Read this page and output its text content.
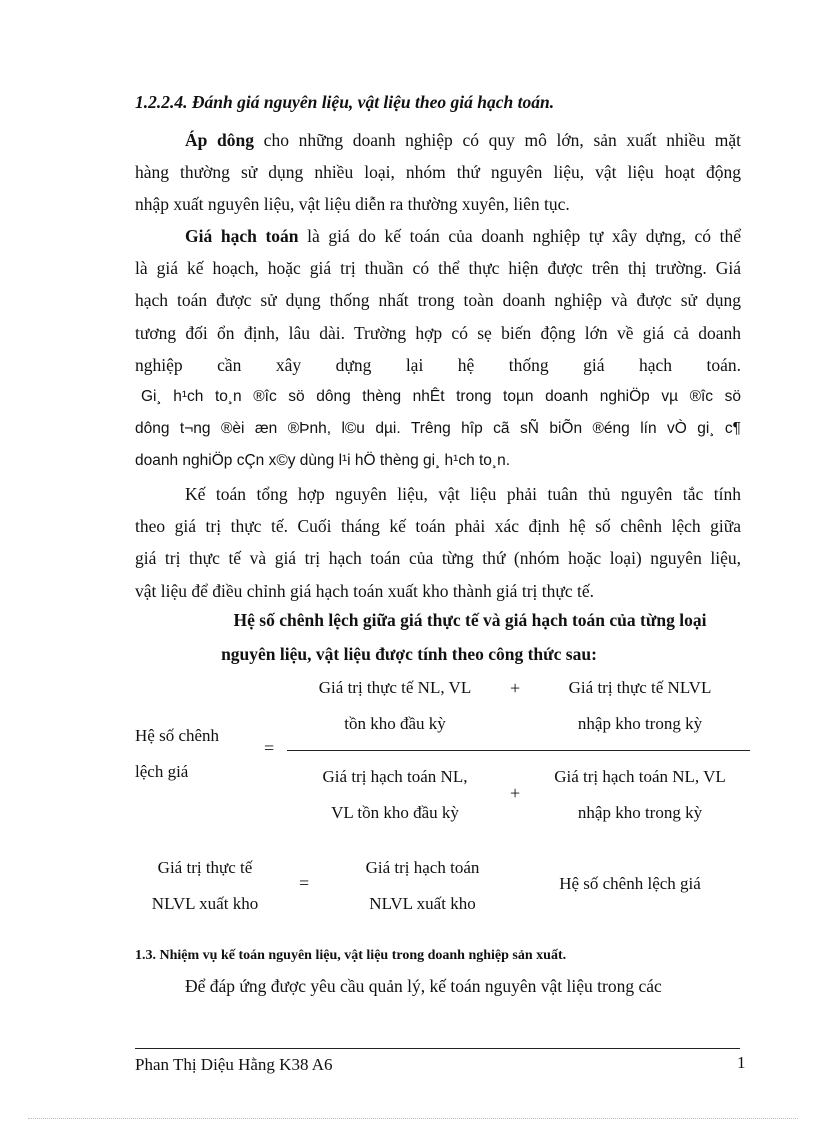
1.2.2.4. Đánh giá nguyên liệu, vật liệu theo giá hạch toán.
Áp dông cho những doanh nghiệp có quy mô lớn, sản xuất nhiều mặt
hàng thường sử dụng nhiều loại, nhóm thứ nguyên liệu, vật liệu hoạt động
nhập xuất nguyên liệu, vật liệu diễn ra thường xuyên, liên tục.
Giá hạch toán là giá do kế toán của doanh nghiệp tự xây dựng, có thể
là giá kế hoạch, hoặc giá trị thuần có thể thực hiện được trên thị trường. Giá
hạch toán được sử dụng thống nhất trong toàn doanh nghiệp và được sử dụng
tương đối ổn định, lâu dài. Trường hợp có sẹ biến động lớn về giá cả doanh
nghiệp cần xây dựng lại hệ thống giá hạch toán.
Gi¸ h¹ch to¸n ®îc sö dông thèng nhÊt trong toµn doanh nghiÖp vµ ®îc sö
dông t¬ng ®èi æn ®Þnh, l©u dµi. Trêng hîp cã sÑ biÕn ®éng lín vÒ gi¸ c¶
doanh nghiÖp cÇn x©y dùng l¹i hÖ thèng gi¸ h¹ch to¸n.
Kế toán tổng hợp nguyên liệu, vật liệu phải tuân thủ nguyên tắc tính
theo giá trị thực tế. Cuối tháng kế toán phải xác định hệ số chênh lệch giữa
giá trị thực tế và giá trị hạch toán của từng thứ (nhóm hoặc loại) nguyên liệu,
vật liệu để điều chỉnh giá hạch toán xuất kho thành giá trị thực tế.
Hệ số chênh lệch giữa giá thực tế và giá hạch toán của từng loại
nguyên liệu, vật liệu được tính theo công thức sau:
Hệ số chênh
lệch giá
=
Giá trị thực tế NL, VL
tồn kho đầu kỳ
+	Giá trị thực tế NLVL
nhập kho trong kỳ
Giá trị hạch toán NL,
VL tồn kho đầu kỳ
+
Giá trị hạch toán NL, VL
nhập kho trong kỳ
Giá trị thực tế
NLVL xuất kho
=
Giá trị hạch toán
NLVL xuất kho
Hệ số chênh lệch giá
1.3. Nhiệm vụ kế toán nguyên liệu, vật liệu trong doanh nghiệp sản xuất.
Để đáp ứng được yêu cầu quản lý, kế toán nguyên vật liệu trong các
Phan Thị Diệu Hằng K38 A6	1
